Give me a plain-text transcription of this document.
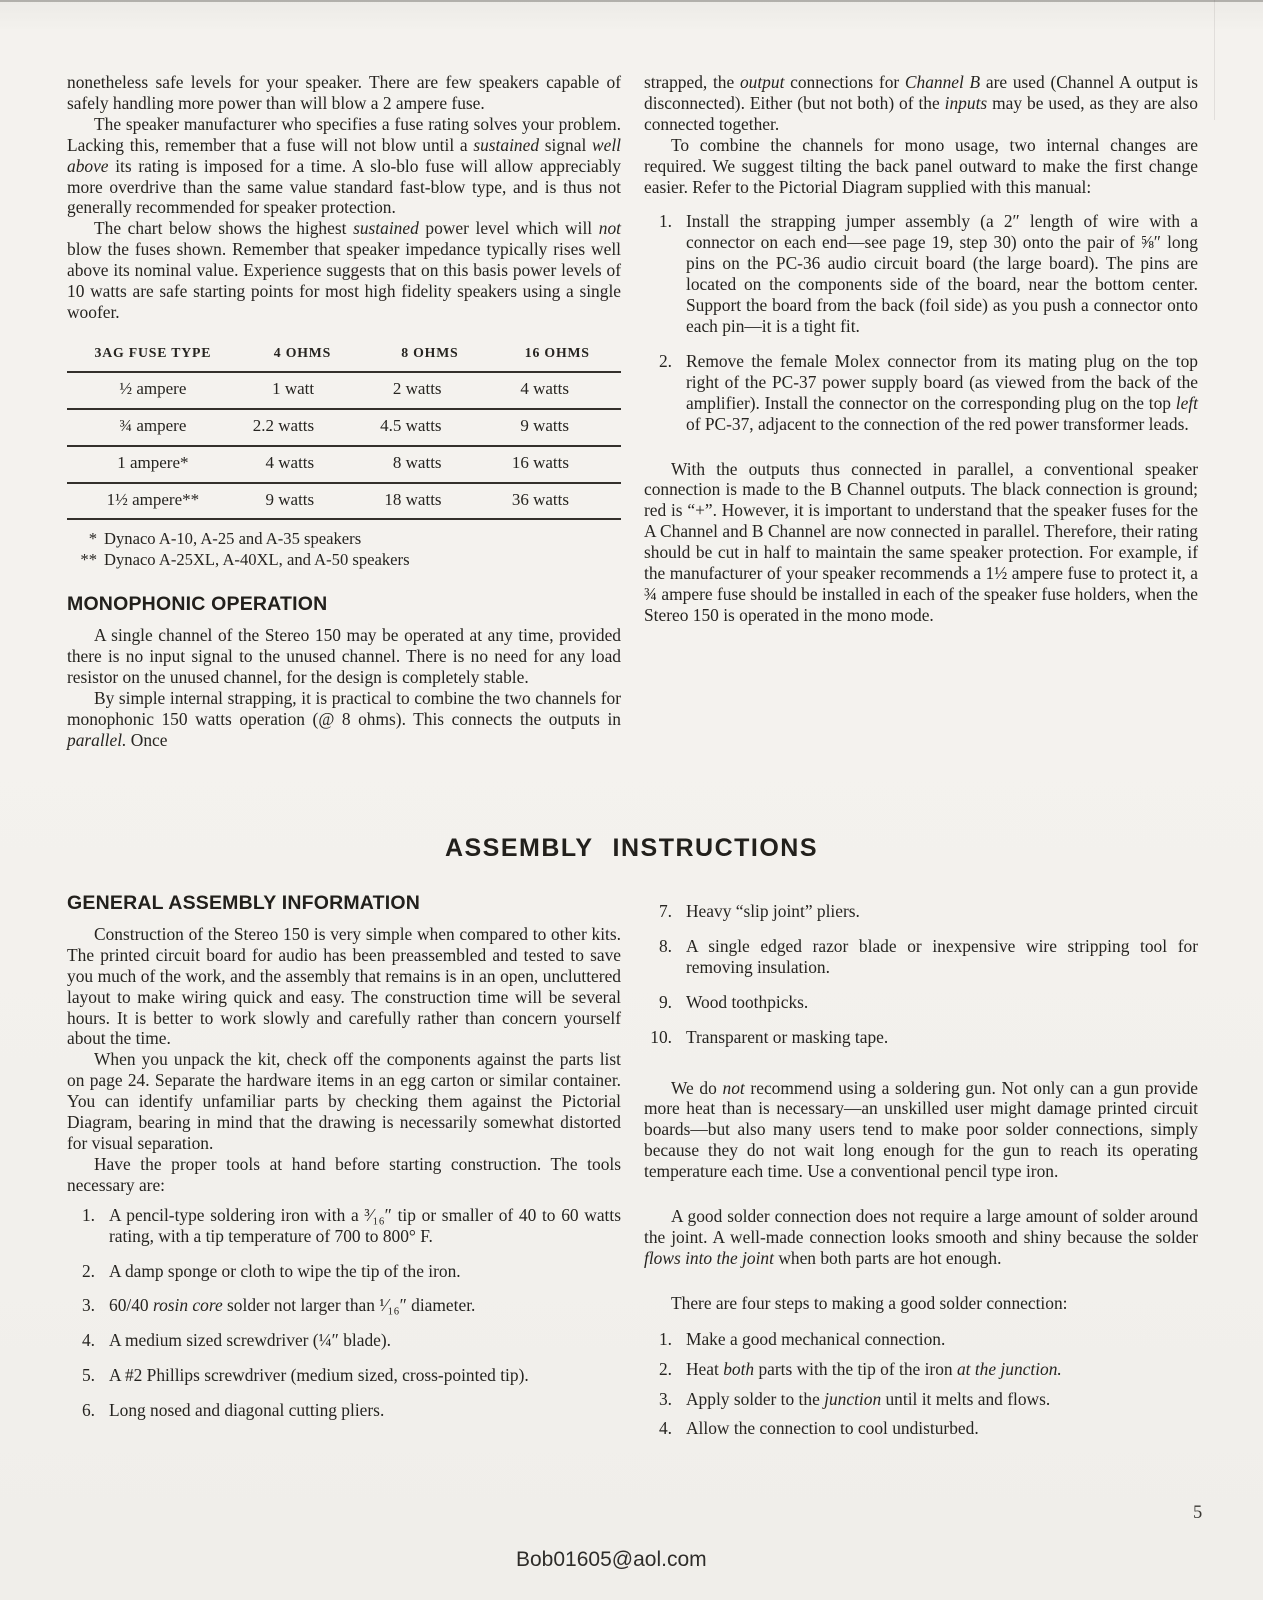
nonetheless safe levels for your speaker. There are few speakers capable of safely handling more power than will blow a 2 ampere fuse.

The speaker manufacturer who specifies a fuse rating solves your problem. Lacking this, remember that a fuse will not blow until a sustained signal well above its rating is imposed for a time. A slo-blo fuse will allow appreciably more overdrive than the same value standard fast-blow type, and is thus not generally recommended for speaker protection.

The chart below shows the highest sustained power level which will not blow the fuses shown. Remember that speaker impedance typically rises well above its nominal value. Experience suggests that on this basis power levels of 10 watts are safe starting points for most high fidelity speakers using a single woofer.

3AG FUSE TYPE	4 OHMS	8 OHMS	16 OHMS
½ ampere	1 watt	2 watts	4 watts
¾ ampere	2.2 watts	4.5 watts	9 watts
1 ampere*	4 watts	8 watts	16 watts
1½ ampere**	9 watts	18 watts	36 watts
* Dynaco A-10, A-25 and A-35 speakers
** Dynaco A-25XL, A-40XL, and A-50 speakers
MONOPHONIC OPERATION

A single channel of the Stereo 150 may be operated at any time, provided there is no input signal to the unused channel. There is no need for any load resistor on the unused channel, for the design is completely stable.

By simple internal strapping, it is practical to combine the two channels for monophonic 150 watts operation (@ 8 ohms). This connects the outputs in parallel. Once

strapped, the output connections for Channel B are used (Channel A output is disconnected). Either (but not both) of the inputs may be used, as they are also connected together.

To combine the channels for mono usage, two internal changes are required. We suggest tilting the back panel outward to make the first change easier. Refer to the Pictorial Diagram supplied with this manual:

1. Install the strapping jumper assembly (a 2″ length of wire with a connector on each end—see page 19, step 30) onto the pair of ⅝″ long pins on the PC-36 audio circuit board (the large board). The pins are located on the components side of the board, near the bottom center. Support the board from the back (foil side) as you push a connector onto each pin—it is a tight fit.
2. Remove the female Molex connector from its mating plug on the top right of the PC-37 power supply board (as viewed from the back of the amplifier). Install the connector on the corresponding plug on the top left of PC-37, adjacent to the connection of the red power transformer leads.

With the outputs thus connected in parallel, a conventional speaker connection is made to the B Channel outputs. The black connection is ground; red is “+”. However, it is important to understand that the speaker fuses for the A Channel and B Channel are now connected in parallel. Therefore, their rating should be cut in half to maintain the same speaker protection. For example, if the manufacturer of your speaker recommends a 1½ ampere fuse to protect it, a ¾ ampere fuse should be installed in each of the speaker fuse holders, when the Stereo 150 is operated in the mono mode.

ASSEMBLY INSTRUCTIONS
GENERAL ASSEMBLY INFORMATION

Construction of the Stereo 150 is very simple when compared to other kits. The printed circuit board for audio has been preassembled and tested to save you much of the work, and the assembly that remains is in an open, uncluttered layout to make wiring quick and easy. The construction time will be several hours. It is better to work slowly and carefully rather than concern yourself about the time.

When you unpack the kit, check off the components against the parts list on page 24. Separate the hardware items in an egg carton or similar container. You can identify unfamiliar parts by checking them against the Pictorial Diagram, bearing in mind that the drawing is necessarily somewhat distorted for visual separation.

Have the proper tools at hand before starting construction. The tools necessary are:

1. A pencil-type soldering iron with a ³⁄₁₆″ tip or smaller of 40 to 60 watts rating, with a tip temperature of 700 to 800° F.
2. A damp sponge or cloth to wipe the tip of the iron.
3. 60/40 rosin core solder not larger than ¹⁄₁₆″ diameter.
4. A medium sized screwdriver (¼″ blade).
5. A #2 Phillips screwdriver (medium sized, cross-pointed tip).
6. Long nosed and diagonal cutting pliers.
7. Heavy “slip joint” pliers.
8. A single edged razor blade or inexpensive wire stripping tool for removing insulation.
9. Wood toothpicks.
10. Transparent or masking tape.

We do not recommend using a soldering gun. Not only can a gun provide more heat than is necessary—an unskilled user might damage printed circuit boards—but also many users tend to make poor solder connections, simply because they do not wait long enough for the gun to reach its operating temperature each time. Use a conventional pencil type iron.

A good solder connection does not require a large amount of solder around the joint. A well-made connection looks smooth and shiny because the solder flows into the joint when both parts are hot enough.

There are four steps to making a good solder connection:

1. Make a good mechanical connection.
2. Heat both parts with the tip of the iron at the junction.
3. Apply solder to the junction until it melts and flows.
4. Allow the connection to cool undisturbed.
5
Bob01605@aol.com
